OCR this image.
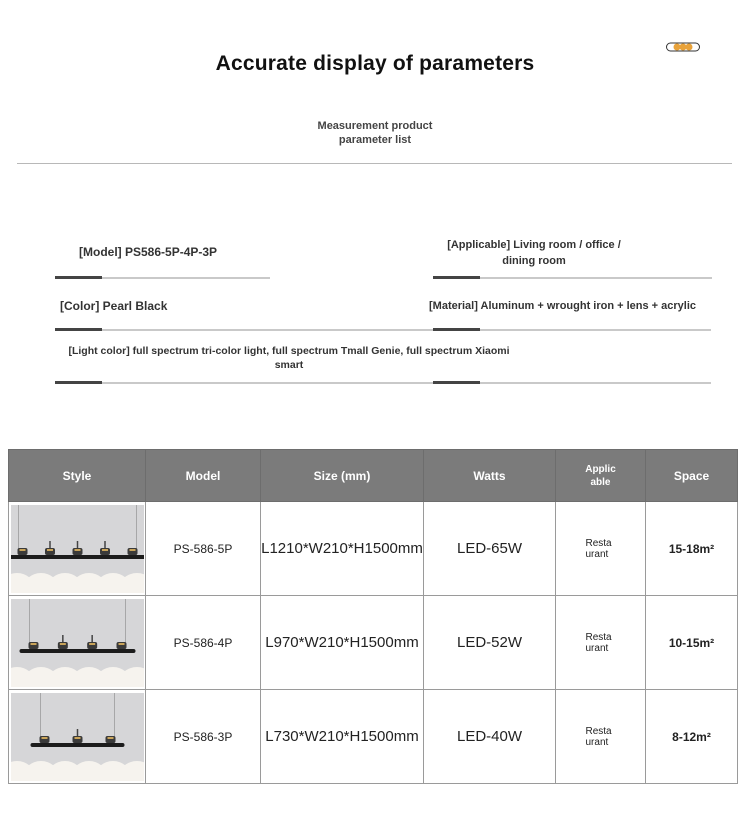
Accurate display of parameters
Measurement product parameter list
[Model] PS586-5P-4P-3P	[Applicable] Living room / office / dining room
[Color] Pearl Black	[Material] Aluminum + wrought iron + lens + acrylic
[Light color] full spectrum tri-color light, full spectrum Tmall Genie, full spectrum Xiaomi smart
Style	Model	Size (mm)	Watts	Applicable	Space

	PS-586-5P	L1210*W210*H1500mm	LED-65W	Restaurant	15-18m²

	PS-586-4P	L970*W210*H1500mm	LED-52W	Restaurant	10-15m²

	PS-586-3P	L730*W210*H1500mm	LED-40W	Restaurant	8-12m²
